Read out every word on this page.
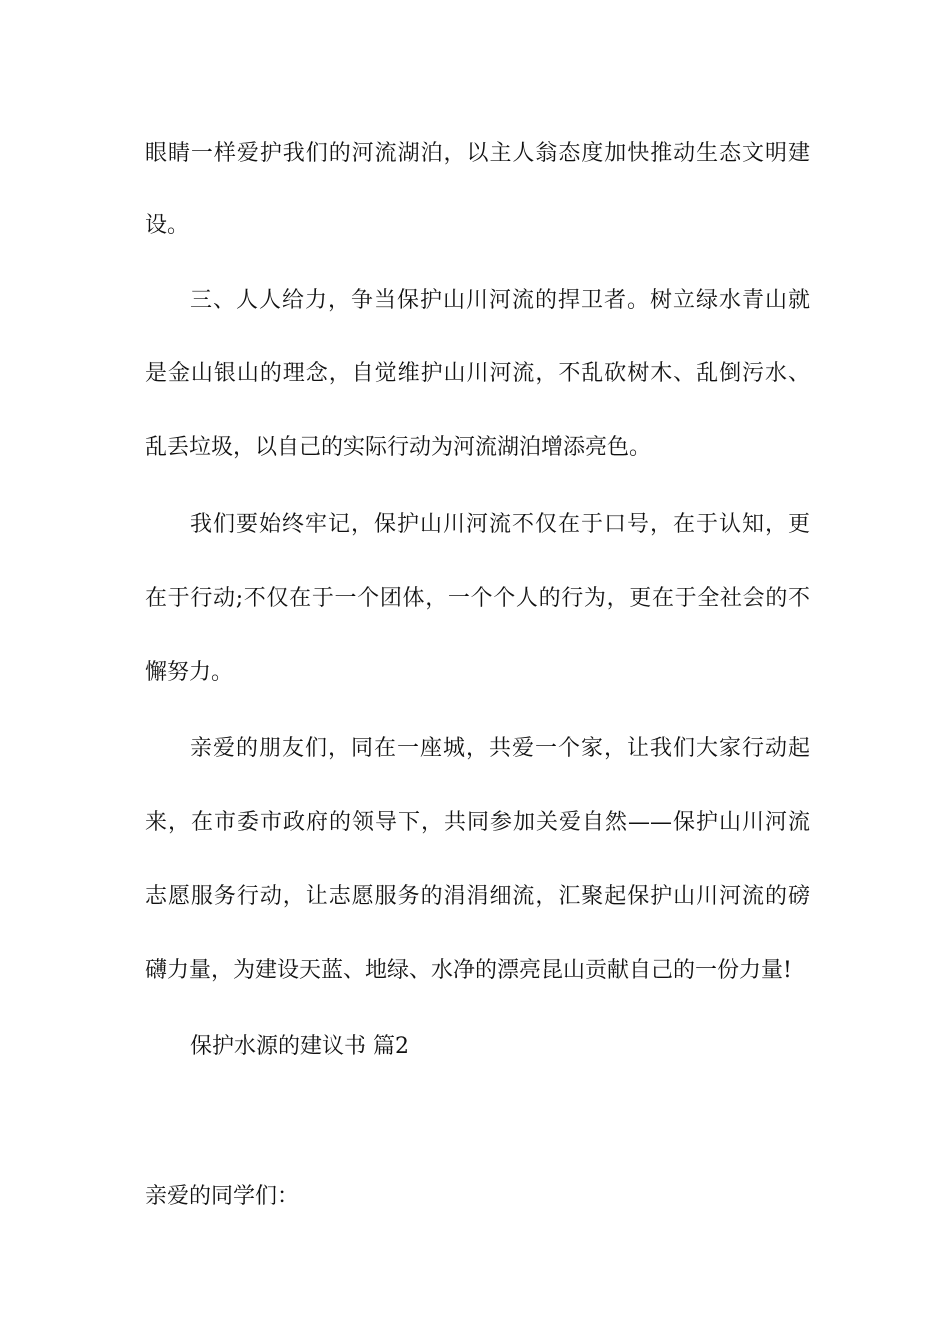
眼睛一样爱护我们的河流湖泊，以主人翁态度加快推动生态文明建
设。
三、人人给力，争当保护山川河流的捍卫者。树立绿水青山就
是金山银山的理念，自觉维护山川河流，不乱砍树木、乱倒污水、
乱丢垃圾，以自己的实际行动为河流湖泊增添亮色。
我们要始终牢记，保护山川河流不仅在于口号，在于认知，更
在于行动;不仅在于一个团体，一个个人的行为，更在于全社会的不
懈努力。
亲爱的朋友们，同在一座城，共爱一个家，让我们大家行动起
来，在市委市政府的领导下，共同参加关爱自然——保护山川河流
志愿服务行动，让志愿服务的涓涓细流，汇聚起保护山川河流的磅
礴力量，为建设天蓝、地绿、水净的漂亮昆山贡献自己的一份力量!
保护水源的建议书 篇2
亲爱的同学们：
